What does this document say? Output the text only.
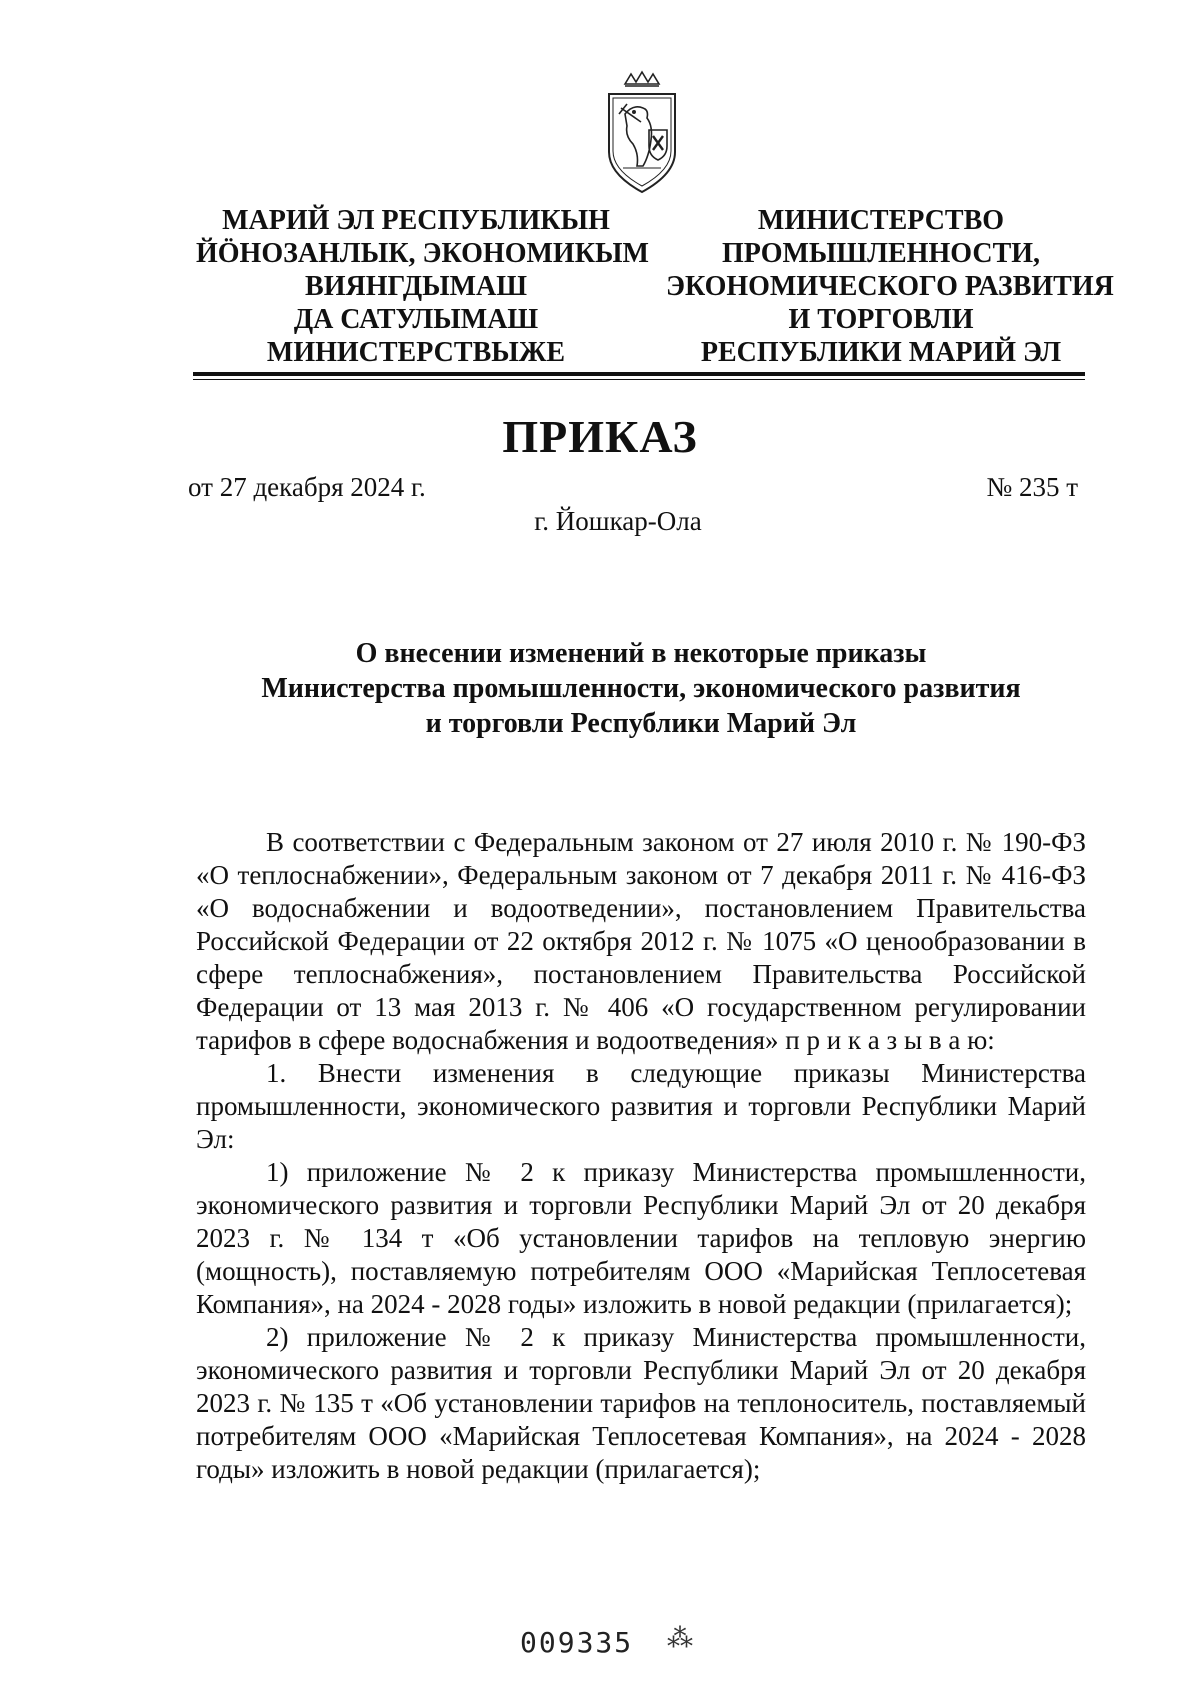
МАРИЙ ЭЛ РЕСПУБЛИКЫН
ЙӦНОЗАНЛЫК, ЭКОНОМИКЫМ
ВИЯНГДЫМАШ
ДА САТУЛЫМАШ
МИНИСТЕРСТВЫЖЕ
МИНИСТЕРСТВО
ПРОМЫШЛЕННОСТИ,
ЭКОНОМИЧЕСКОГО РАЗВИТИЯ
И ТОРГОВЛИ
РЕСПУБЛИКИ МАРИЙ ЭЛ
ПРИКАЗ
от 27 декабря 2024 г.	№ 235 т
г. Йошкар-Ола
О внесении изменений в некоторые приказы
Министерства промышленности, экономического развития
и торговли Республики Марий Эл

В соответствии с Федеральным законом от 27 июля 2010 г. № 190-ФЗ «О теплоснабжении», Федеральным законом от 7 декабря 2011 г. № 416-ФЗ «О водоснабжении и водоотведении», постановлением Правительства Российской Федерации от 22 октября 2012 г. № 1075 «О ценообразовании в сфере теплоснабжения», постановлением Правительства Российской Федерации от 13 мая 2013 г. № 406 «О государственном регулировании тарифов в сфере водоснабжения и водоотведения» п р и к а з ы в а ю:

1. Внести изменения в следующие приказы Министерства промышленности, экономического развития и торговли Республики Марий Эл:

1) приложение № 2 к приказу Министерства промышленности, экономического развития и торговли Республики Марий Эл от 20 декабря 2023 г. № 134 т «Об установлении тарифов на тепловую энергию (мощность), поставляемую потребителям ООО «Марийская Теплосетевая Компания», на 2024 - 2028 годы» изложить в новой редакции (прилагается);

2) приложение № 2 к приказу Министерства промышленности, экономического развития и торговли Республики Марий Эл от 20 декабря 2023 г. № 135 т «Об установлении тарифов на теплоноситель, поставляемый потребителям ООО «Марийская Теплосетевая Компания», на 2024 - 2028 годы» изложить в новой редакции (прилагается);

009335 ⁂
